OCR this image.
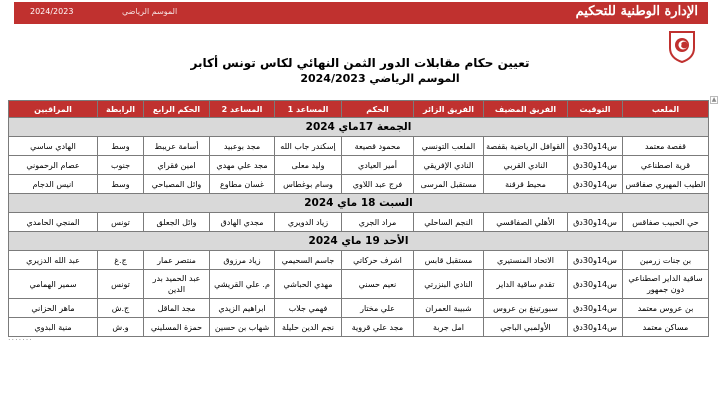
الإدارة الوطنية للتحكيم
2024/2023	الموسم الرياضي
تعيين حكام مقابلات الدور الثمن النهائي لكاس تونس أكابر
الموسم الرياضي 2024/2023
▲
الملعب	التوقيت	الفريق المضيف	الفريق الزائر	الحكم	المساعد 1	المساعد 2	الحكم الرابع	الرابطة	المراقبين
الجمعة 17ماي 2024									
قفصة معتمد	س14و30دق	القوافل الرياضية بقفصة	الملعب التونسي	محمود قصيعة	إسكندر جاب الله	مجد بوعبيد	أسامة عريبط	وسط	الهادي ساسي
قرية اصطناعي	س14و30دق	النادي القربي	النادي الإفريقي	أمير العيادي	وليد معلى	مجد علي مهدي	امين فقراي	جنوب	عصام الرحموني
الطيب المهيري صفاقس	س14و30دق	محيط قرقنة	مستقبل المرسى	فرج عبد اللاوي	وسام بوغطاس	غسان مطاوع	وائل المصباحي	وسط	انيس الدجام
السبت 18 ماي 2024									
حي الحبيب صفاقس	س14و30دق	الأهلي الصفاقسي	النجم الساحلي	مراد الجري	زياد الدويري	مجدي الهادق	وائل الجعلق	تونس	المنجي الحامدي
الأحد 19 ماي 2024									
بن جنات زرمين	س14و30دق	الاتحاد المنستيري	مستقبل قابس	اشرف حركاتي	جاسم السحيمي	زياد مرزوق	منتصر عمار	ج.غ	عبد الله الدزيري
ساقية الداير اصطناعي دون جمهور	س14و30دق	تقدم ساقية الداير	النادي البنزرتي	نعيم حسني	مهدي الحباشي	م. علي القريشي	عبد الحميد بدر الدين	تونس	سمير الهمامي
بن عروس معتمد	س14و30دق	سبورتينغ بن عروس	شبيبة العمران	علي مختار	فهمي جلاب	ابراهيم الزيدي	مجد الماقل	ج.ش	ماهر الحزاني
مساكن معتمد	س14و30دق	الأولمبي الباجي	امل جربة	مجد علي قروية	نجم الدين حليلة	شهاب بن حسين	حمزة المسليني	و.ش	منية البدوي
.......
